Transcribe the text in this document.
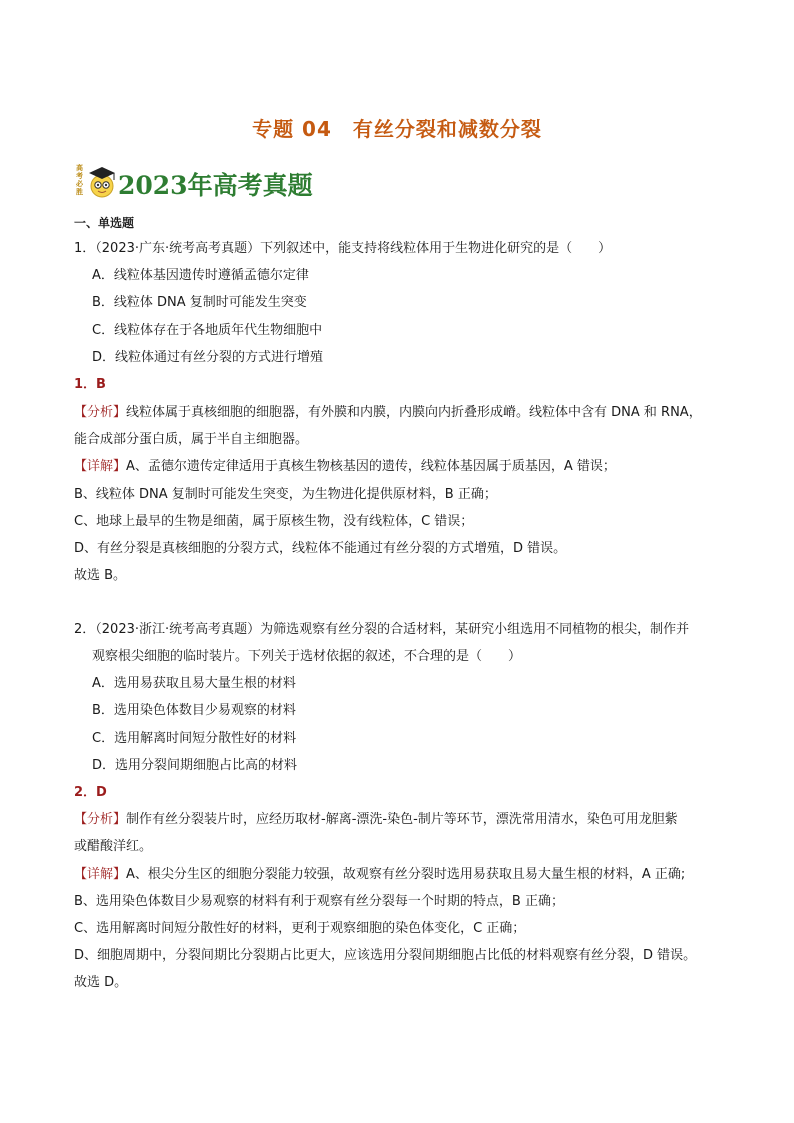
专题 04　有丝分裂和减数分裂
高考必胜 2023年高考真题
一、单选题
1．（2023·广东·统考高考真题）下列叙述中，能支持将线粒体用于生物进化研究的是（　　）
A．线粒体基因遗传时遵循孟德尔定律
B．线粒体 DNA 复制时可能发生突变
C．线粒体存在于各地质年代生物细胞中
D．线粒体通过有丝分裂的方式进行增殖
1．B
【分析】线粒体属于真核细胞的细胞器，有外膜和内膜，内膜向内折叠形成嵴。线粒体中含有 DNA 和 RNA，
能合成部分蛋白质，属于半自主细胞器。
【详解】A、孟德尔遗传定律适用于真核生物核基因的遗传，线粒体基因属于质基因，A 错误；
B、线粒体 DNA 复制时可能发生突变，为生物进化提供原材料，B 正确；
C、地球上最早的生物是细菌，属于原核生物，没有线粒体，C 错误；
D、有丝分裂是真核细胞的分裂方式，线粒体不能通过有丝分裂的方式增殖，D 错误。
故选 B。
2．（2023·浙江·统考高考真题）为筛选观察有丝分裂的合适材料，某研究小组选用不同植物的根尖，制作并
观察根尖细胞的临时装片。下列关于选材依据的叙述，不合理的是（　　）
A．选用易获取且易大量生根的材料
B．选用染色体数目少易观察的材料
C．选用解离时间短分散性好的材料
D．选用分裂间期细胞占比高的材料
2．D
【分析】制作有丝分裂装片时，应经历取材-解离-漂洗-染色-制片等环节，漂洗常用清水，染色可用龙胆紫
或醋酸洋红。
【详解】A、根尖分生区的细胞分裂能力较强，故观察有丝分裂时选用易获取且易大量生根的材料，A 正确;
B、选用染色体数目少易观察的材料有利于观察有丝分裂每一个时期的特点，B 正确；
C、选用解离时间短分散性好的材料，更利于观察细胞的染色体变化，C 正确；
D、细胞周期中，分裂间期比分裂期占比更大，应该选用分裂间期细胞占比低的材料观察有丝分裂，D 错误。
故选 D。
